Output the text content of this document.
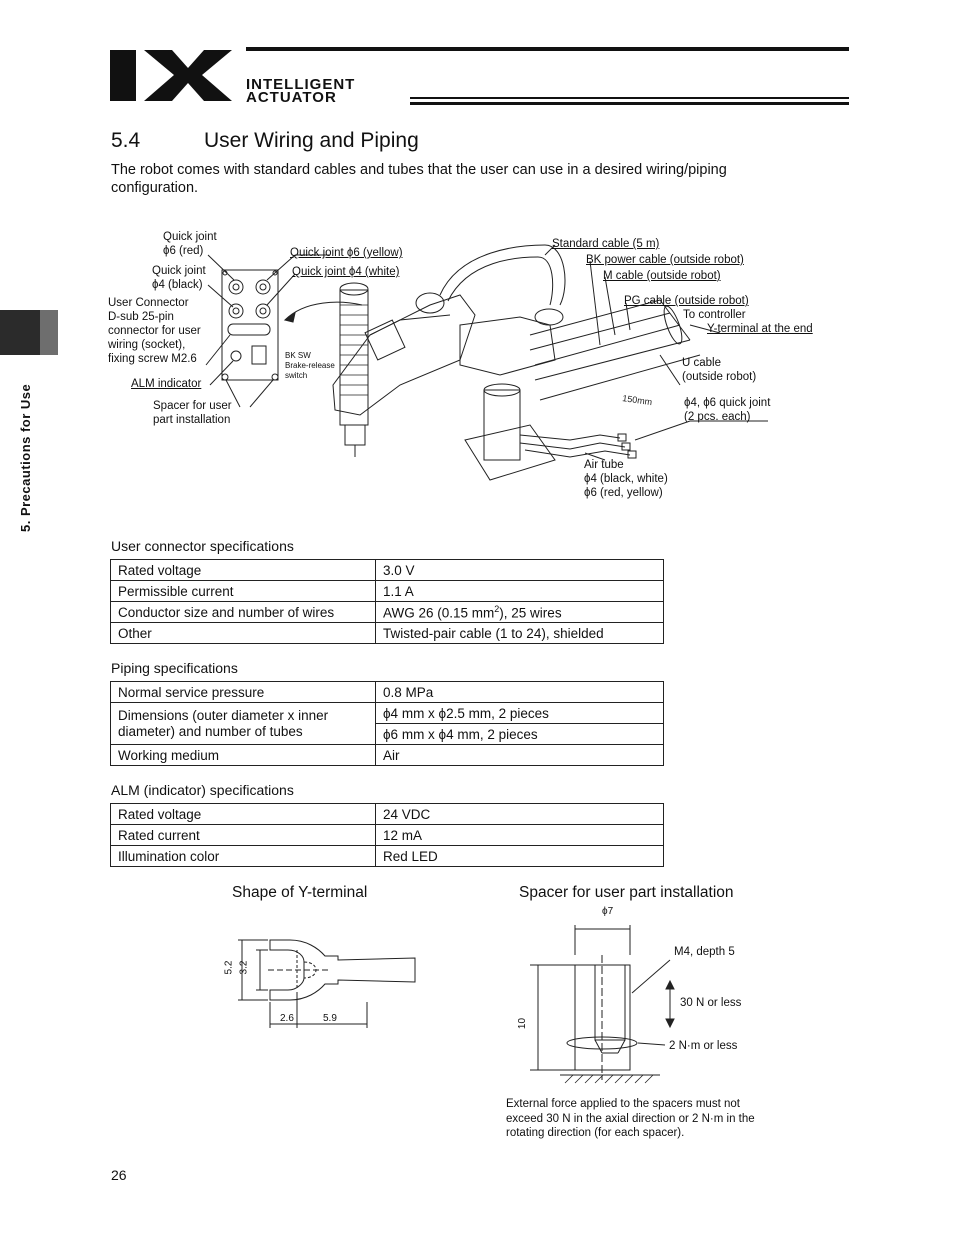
INTELLIGENT
ACTUATOR
5. Precautions for Use
5.4	User Wiring and Piping
The robot comes with standard cables and tubes that the user can use in a desired wiring/piping configuration.
150mm
Quick joint
ϕ6 (red)
Quick joint
ϕ4 (black)
User Connector
D-sub 25-pin
connector for user
wiring (socket),
fixing screw M2.6
ALM indicator
Spacer for user
part installation
Quick joint ϕ6 (yellow)
Quick joint ϕ4 (white)
BK SW
Brake-release
switch
Standard cable (5 m)
BK power cable (outside robot)
M cable (outside robot)
PG cable (outside robot)
To controller
Y-terminal at the end
U cable
(outside robot)
ϕ4, ϕ6 quick joint
(2 pcs. each)
Air tube
ϕ4 (black, white)
ϕ6 (red, yellow)
User connector specifications
Rated voltage	3.0 V
Permissible current	1.1 A
Conductor size and number of wires	AWG 26 (0.15 $mm^2$), 25 wires
Other	Twisted-pair cable (1 to 24), shielded
Piping specifications
Normal service pressure	0.8 MPa
Dimensions (outer diameter x inner diameter) and number of tubes	ϕ4 mm x ϕ2.5 mm, 2 pieces
	ϕ6 mm x ϕ4 mm, 2 pieces
Working medium	Air
ALM (indicator) specifications
Rated voltage	24 VDC
Rated current	12 mA
Illumination color	Red LED
Shape of Y-terminal
5.2 3.2
2.6	5.9
Spacer for user part installation
ϕ7
M4, depth 5
30 N or less
2 N·m or less
10
External force applied to the spacers must not exceed 30 N in the axial direction or 2 N·m in the rotating direction (for each spacer).
26
